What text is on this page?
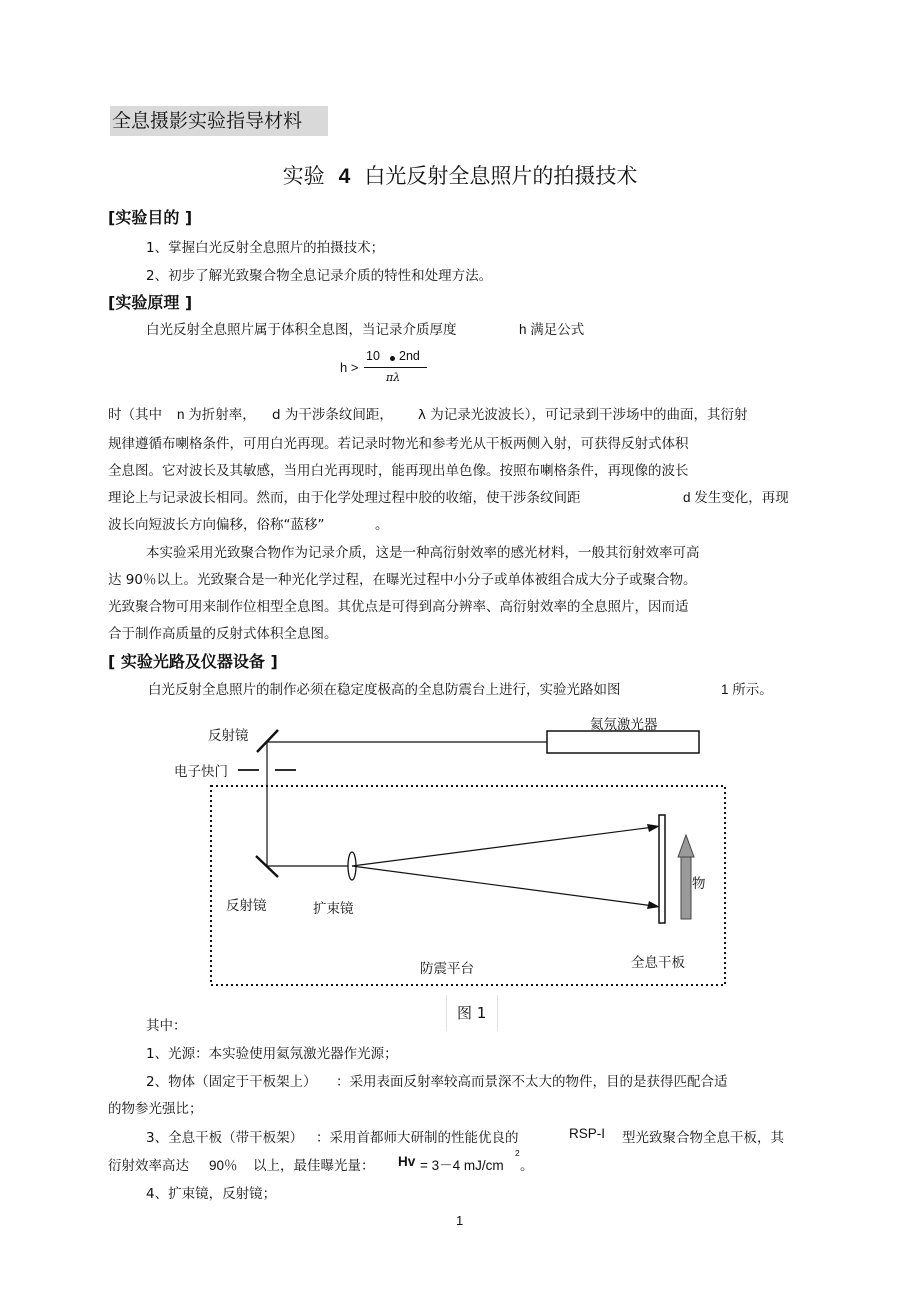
全息摄影实验指导材料
实验 4 白光反射全息照片的拍摄技术
[实验目的 ]
1、掌握白光反射全息照片的拍摄技术；
2、初步了解光致聚合物全息记录介质的特性和处理方法。
[实验原理 ]
白光反射全息照片属于体积全息图，当记录介质厚度	h 满足公式
h >
10 2nd
πλ
时（其中 n 为折射率， d 为干涉条纹间距， λ 为记录光波波长），可记录到干涉场中的曲面，其衍射
规律遵循布喇格条件，可用白光再现。若记录时物光和参考光从干板两侧入射，可获得反射式体积
全息图。它对波长及其敏感，当用白光再现时，能再现出单色像。按照布喇格条件，再现像的波长
理论上与记录波长相同。然而，由于化学处理过程中胶的收缩，使干涉条纹间距	d 发生变化，再现
波长向短波长方向偏移，俗称“蓝移”	。
本实验采用光致聚合物作为记录介质，这是一种高衍射效率的感光材料，一般其衍射效率可高
达 90％以上。光致聚合是一种光化学过程，在曝光过程中小分子或单体被组合成大分子或聚合物。
光致聚合物可用来制作位相型全息图。其优点是可得到高分辨率、高衍射效率的全息照片，因而适
合于制作高质量的反射式体积全息图。
[ 实验光路及仪器设备 ]
白光反射全息照片的制作必须在稳定度极高的全息防震台上进行，实验光路如图	1 所示。
反射镜
电子快门
氦氖激光器
反射镜	扩束镜
物
防震平台	全息干板
图 1
其中：
1、光源：本实验使用氦氖激光器作光源；
2、物体（固定于干板架上） ：采用表面反射率较高而景深不太大的物件，目的是获得匹配合适
的物参光强比；
3、全息干板（带干板架） ：采用首都师大研制的性能优良的	RSP-I 型光致聚合物全息干板，其
衍射效率高达 90％ 以上，最佳曝光量： Hv = 3－4 mJ/cm
2
。
4、扩束镜，反射镜；
1
